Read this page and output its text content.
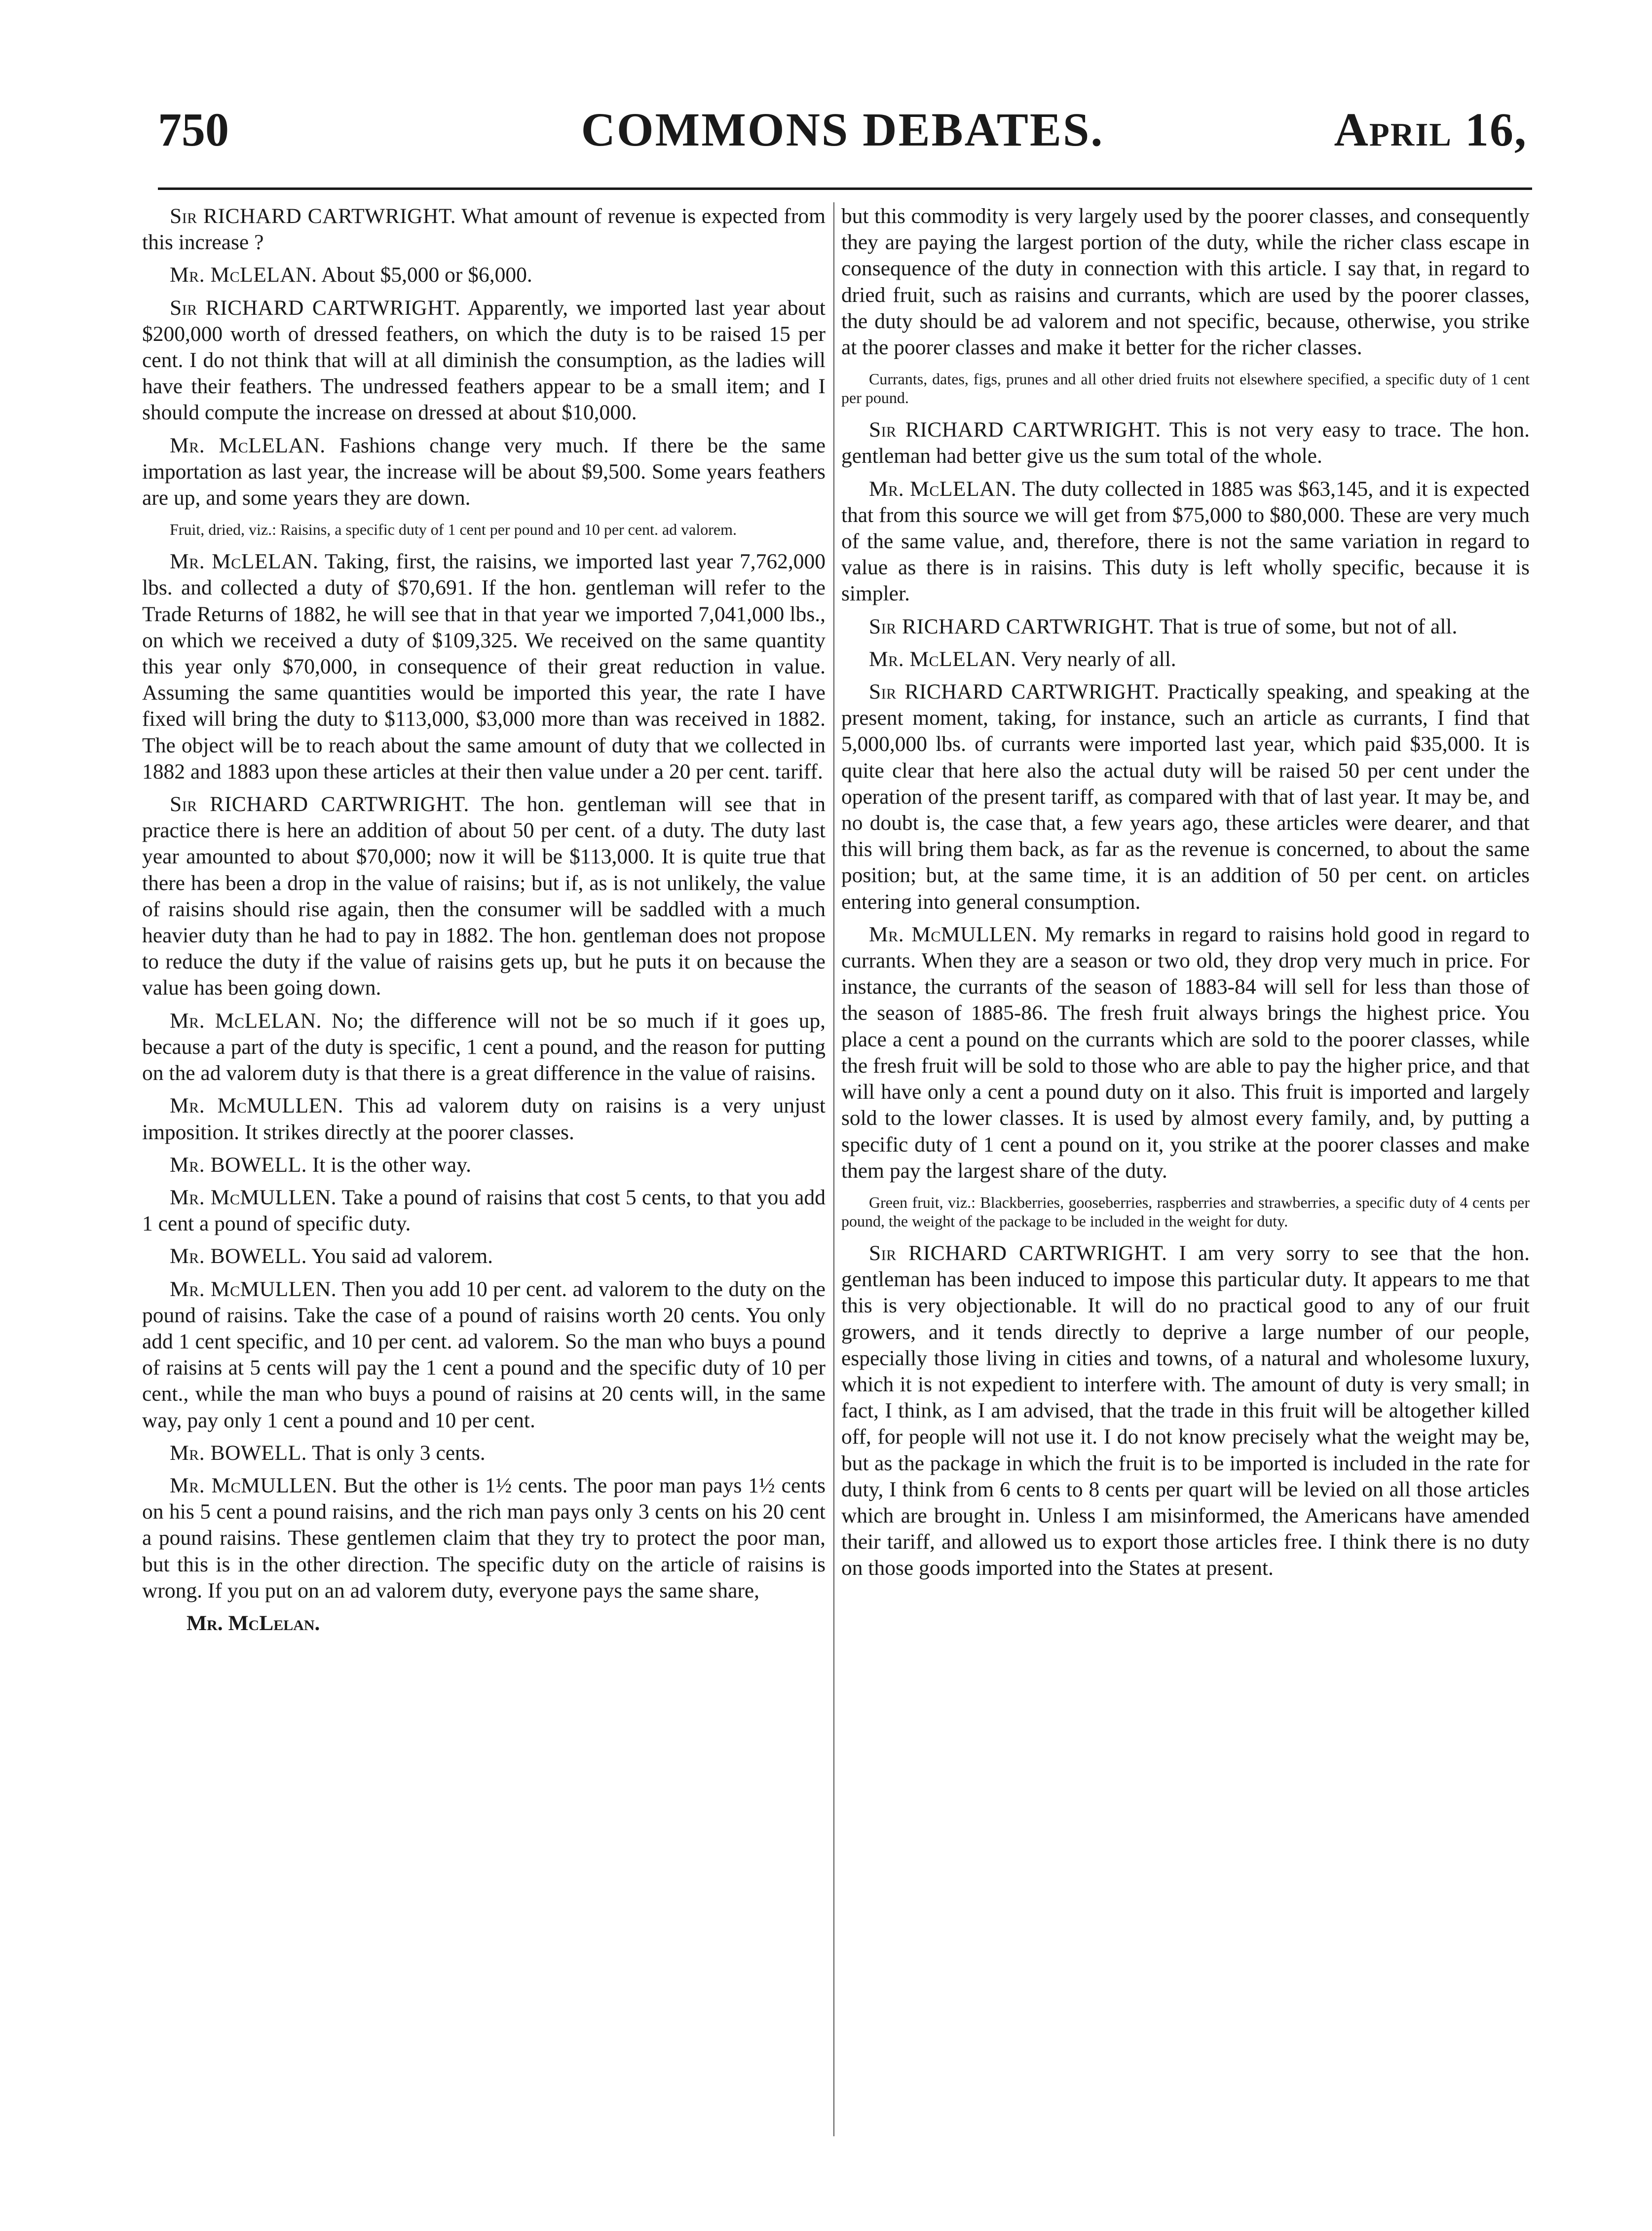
750	COMMONS DEBATES.	April 16,

Sir RICHARD CARTWRIGHT. What amount of revenue is expected from this increase ?

Mr. McLELAN. About $5,000 or $6,000.

Sir RICHARD CARTWRIGHT. Apparently, we imported last year about $200,000 worth of dressed feathers, on which the duty is to be raised 15 per cent. I do not think that will at all diminish the consumption, as the ladies will have their feathers. The undressed feathers appear to be a small item; and I should compute the increase on dressed at about $10,000.

Mr. McLELAN. Fashions change very much. If there be the same importation as last year, the increase will be about $9,500. Some years feathers are up, and some years they are down.

Fruit, dried, viz.: Raisins, a specific duty of 1 cent per pound and 10 per cent. ad valorem.

Mr. McLELAN. Taking, first, the raisins, we imported last year 7,762,000 lbs. and collected a duty of $70,691. If the hon. gentleman will refer to the Trade Returns of 1882, he will see that in that year we imported 7,041,000 lbs., on which we received a duty of $109,325. We received on the same quantity this year only $70,000, in consequence of their great reduction in value. Assuming the same quantities would be imported this year, the rate I have fixed will bring the duty to $113,000, $3,000 more than was received in 1882. The object will be to reach about the same amount of duty that we collected in 1882 and 1883 upon these articles at their then value under a 20 per cent. tariff.

Sir RICHARD CARTWRIGHT. The hon. gentleman will see that in practice there is here an addition of about 50 per cent. of a duty. The duty last year amounted to about $70,000; now it will be $113,000. It is quite true that there has been a drop in the value of raisins; but if, as is not unlikely, the value of raisins should rise again, then the consumer will be saddled with a much heavier duty than he had to pay in 1882. The hon. gentleman does not propose to reduce the duty if the value of raisins gets up, but he puts it on because the value has been going down.

Mr. McLELAN. No; the difference will not be so much if it goes up, because a part of the duty is specific, 1 cent a pound, and the reason for putting on the ad valorem duty is that there is a great difference in the value of raisins.

Mr. McMULLEN. This ad valorem duty on raisins is a very unjust imposition. It strikes directly at the poorer classes.

Mr. BOWELL. It is the other way.

Mr. McMULLEN. Take a pound of raisins that cost 5 cents, to that you add 1 cent a pound of specific duty.

Mr. BOWELL. You said ad valorem.

Mr. McMULLEN. Then you add 10 per cent. ad valorem to the duty on the pound of raisins. Take the case of a pound of raisins worth 20 cents. You only add 1 cent specific, and 10 per cent. ad valorem. So the man who buys a pound of raisins at 5 cents will pay the 1 cent a pound and the specific duty of 10 per cent., while the man who buys a pound of raisins at 20 cents will, in the same way, pay only 1 cent a pound and 10 per cent.

Mr. BOWELL. That is only 3 cents.

Mr. McMULLEN. But the other is 1½ cents. The poor man pays 1½ cents on his 5 cent a pound raisins, and the rich man pays only 3 cents on his 20 cent a pound raisins. These gentlemen claim that they try to protect the poor man, but this is in the other direction. The specific duty on the article of raisins is wrong. If you put on an ad valorem duty, everyone pays the same share,

Mr. McLelan.

but this commodity is very largely used by the poorer classes, and consequently they are paying the largest portion of the duty, while the richer class escape in consequence of the duty in connection with this article. I say that, in regard to dried fruit, such as raisins and currants, which are used by the poorer classes, the duty should be ad valorem and not specific, because, otherwise, you strike at the poorer classes and make it better for the richer classes.

Currants, dates, figs, prunes and all other dried fruits not elsewhere specified, a specific duty of 1 cent per pound.

Sir RICHARD CARTWRIGHT. This is not very easy to trace. The hon. gentleman had better give us the sum total of the whole.

Mr. McLELAN. The duty collected in 1885 was $63,145, and it is expected that from this source we will get from $75,000 to $80,000. These are very much of the same value, and, therefore, there is not the same variation in regard to value as there is in raisins. This duty is left wholly specific, because it is simpler.

Sir RICHARD CARTWRIGHT. That is true of some, but not of all.

Mr. McLELAN. Very nearly of all.

Sir RICHARD CARTWRIGHT. Practically speaking, and speaking at the present moment, taking, for instance, such an article as currants, I find that 5,000,000 lbs. of currants were imported last year, which paid $35,000. It is quite clear that here also the actual duty will be raised 50 per cent under the operation of the present tariff, as compared with that of last year. It may be, and no doubt is, the case that, a few years ago, these articles were dearer, and that this will bring them back, as far as the revenue is concerned, to about the same position; but, at the same time, it is an addition of 50 per cent. on articles entering into general consumption.

Mr. McMULLEN. My remarks in regard to raisins hold good in regard to currants. When they are a season or two old, they drop very much in price. For instance, the currants of the season of 1883-84 will sell for less than those of the season of 1885-86. The fresh fruit always brings the highest price. You place a cent a pound on the currants which are sold to the poorer classes, while the fresh fruit will be sold to those who are able to pay the higher price, and that will have only a cent a pound duty on it also. This fruit is imported and largely sold to the lower classes. It is used by almost every family, and, by putting a specific duty of 1 cent a pound on it, you strike at the poorer classes and make them pay the largest share of the duty.

Green fruit, viz.: Blackberries, gooseberries, raspberries and strawberries, a specific duty of 4 cents per pound, the weight of the package to be included in the weight for duty.

Sir RICHARD CARTWRIGHT. I am very sorry to see that the hon. gentleman has been induced to impose this particular duty. It appears to me that this is very objectionable. It will do no practical good to any of our fruit growers, and it tends directly to deprive a large number of our people, especially those living in cities and towns, of a natural and wholesome luxury, which it is not expedient to interfere with. The amount of duty is very small; in fact, I think, as I am advised, that the trade in this fruit will be altogether killed off, for people will not use it. I do not know precisely what the weight may be, but as the package in which the fruit is to be imported is included in the rate for duty, I think from 6 cents to 8 cents per quart will be levied on all those articles which are brought in. Unless I am misinformed, the Americans have amended their tariff, and allowed us to export those articles free. I think there is no duty on those goods imported into the States at present.
